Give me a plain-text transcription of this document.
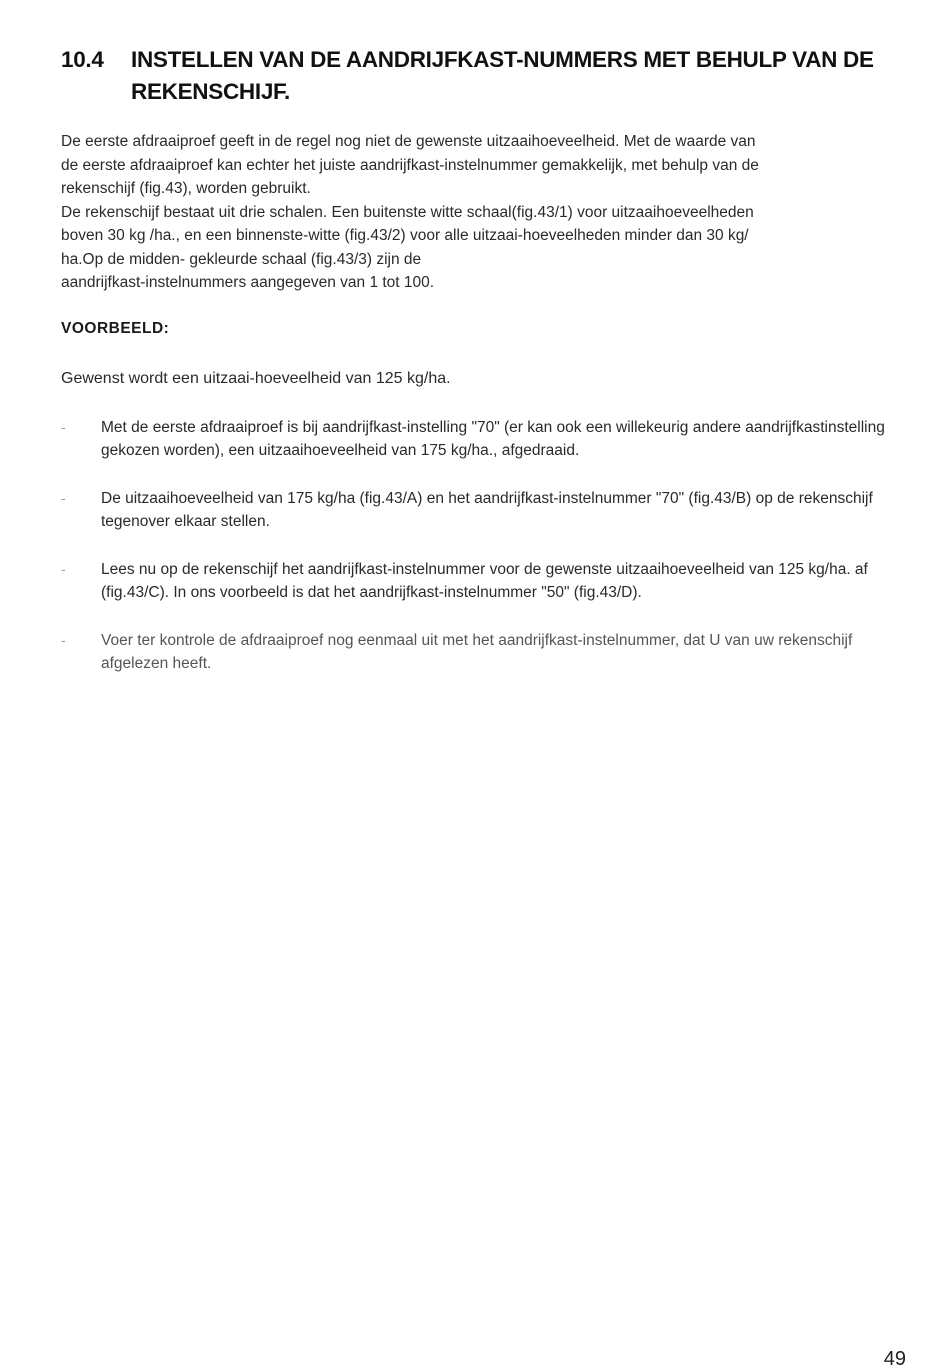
10.4	INSTELLEN VAN DE AANDRIJFKAST-NUMMERS MET BEHULP VAN DE REKENSCHIJF.
De eerste afdraaiproef geeft in de regel nog niet de gewenste uitzaaihoeveelheid. Met de waarde van
de eerste afdraaiproef kan echter het juiste aandrijfkast-instelnummer gemakkelijk, met behulp van de
rekenschijf (fig.43), worden gebruikt.
De rekenschijf bestaat uit drie schalen. Een buitenste witte schaal(fig.43/1) voor uitzaaihoeveelheden
boven 30 kg /ha., en een binnenste-witte (fig.43/2) voor alle uitzaai-hoeveelheden minder dan 30 kg/
ha.Op de midden- gekleurde schaal (fig.43/3) zijn de
aandrijfkast-instelnummers aangegeven van 1 tot 100.
VOORBEELD:
Gewenst wordt een uitzaai-hoeveelheid van 125 kg/ha.
-	Met de eerste afdraaiproef is bij aandrijfkast-instelling "70" (er kan ook een willekeurig andere aandrijfkastinstelling gekozen worden), een uitzaaihoeveelheid van 175 kg/ha., afgedraaid.
-	De uitzaaihoeveelheid van 175 kg/ha (fig.43/A) en het aandrijfkast-instelnummer "70" (fig.43/B) op de rekenschijf tegenover elkaar stellen.
-	Lees nu op de rekenschijf het aandrijfkast-instelnummer voor de gewenste uitzaaihoeveelheid van 125 kg/ha. af (fig.43/C). In ons voorbeeld is dat het aandrijfkast-instelnummer "50" (fig.43/D).
-	Voer ter kontrole de afdraaiproef nog eenmaal uit met het aandrijfkast-instelnummer, dat U van uw rekenschijf afgelezen heeft.
49
